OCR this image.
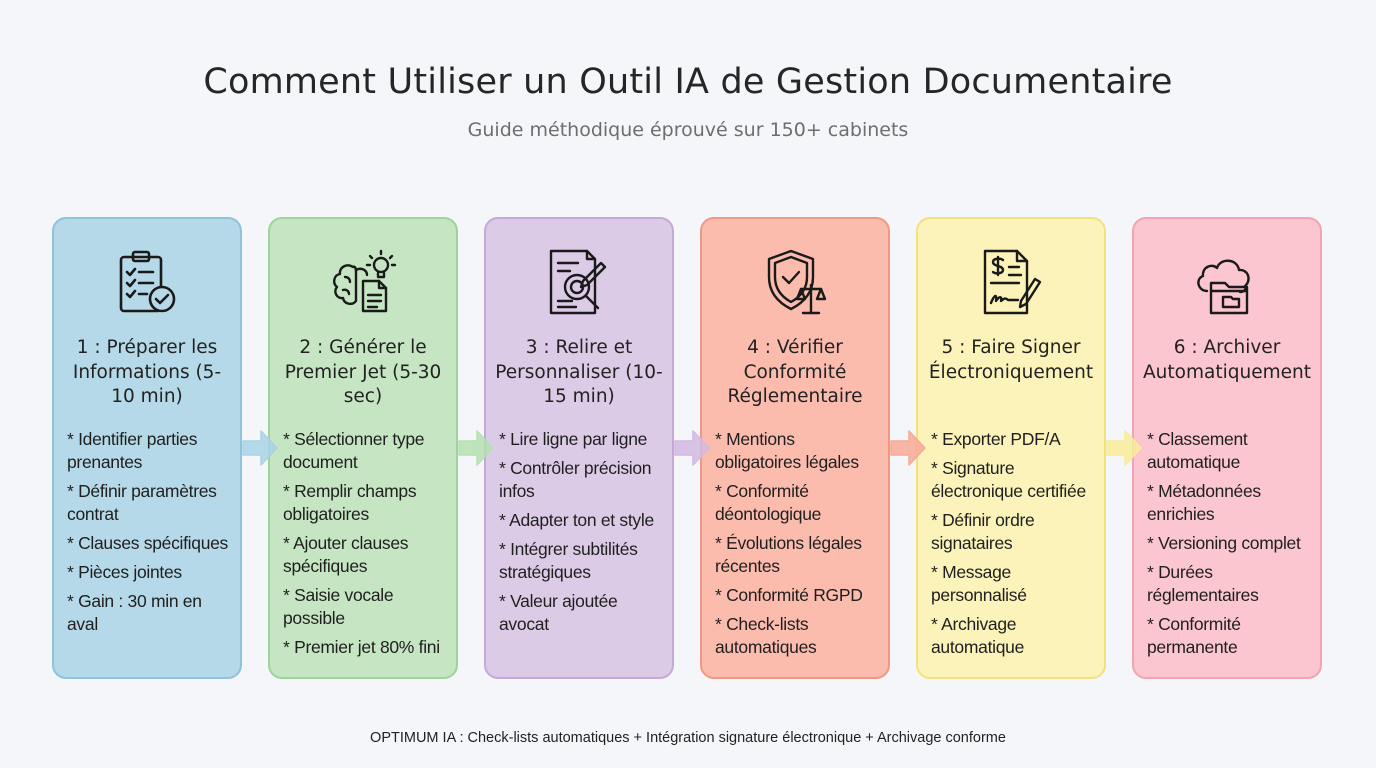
Comment Utiliser un Outil IA de Gestion Documentaire
Guide méthodique éprouvé sur 150+ cabinets
1 : Préparer les Informations (5-10 min)
* Identifier parties prenantes
* Définir paramètres contrat
* Clauses spécifiques
* Pièces jointes
* Gain : 30 min en aval
2 : Générer le Premier Jet (5-30 sec)
* Sélectionner type document
* Remplir champs obligatoires
* Ajouter clauses spécifiques
* Saisie vocale possible
* Premier jet 80% fini
3 : Relire et Personnaliser (10-15 min)
* Lire ligne par ligne
* Contrôler précision infos
* Adapter ton et style
* Intégrer subtilités stratégiques
* Valeur ajoutée avocat
4 : Vérifier Conformité Réglementaire
* Mentions obligatoires légales
* Conformité déontologique
* Évolutions légales récentes
* Conformité RGPD
* Check-lists automatiques
5 : Faire Signer Électroniquement
* Exporter PDF/A
* Signature électronique certifiée
* Définir ordre signataires
* Message personnalisé
* Archivage automatique
6 : Archiver Automatiquement
* Classement automatique
* Métadonnées enrichies
* Versioning complet
* Durées réglementaires
* Conformité permanente
OPTIMUM IA : Check-lists automatiques + Intégration signature électronique + Archivage conforme
